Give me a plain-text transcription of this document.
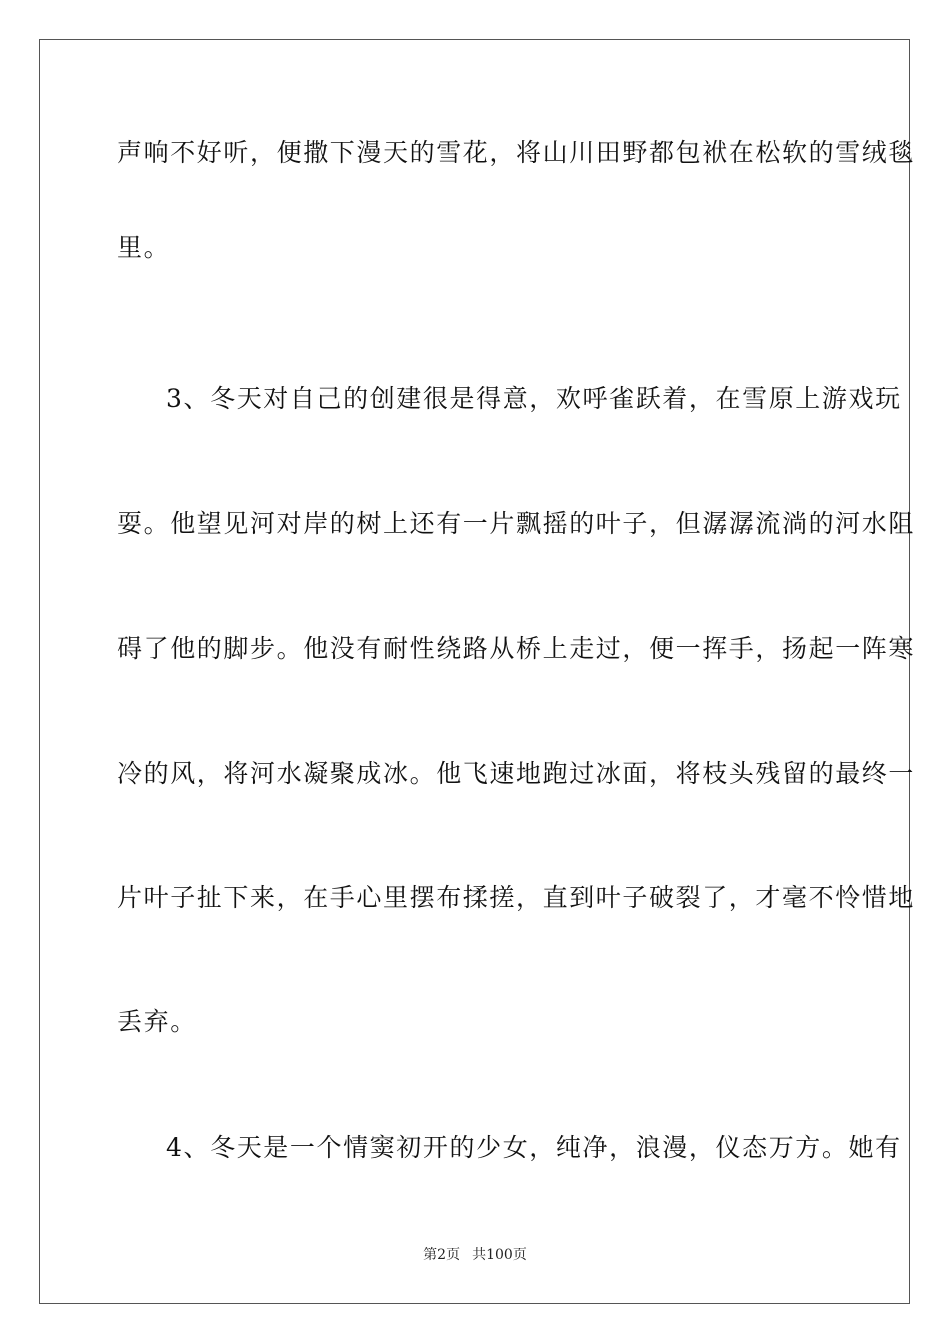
声响不好听，便撒下漫天的雪花，将山川田野都包袱在松软的雪绒毯
里。
3、冬天对自己的创建很是得意，欢呼雀跃着，在雪原上游戏玩
耍。他望见河对岸的树上还有一片飘摇的叶子，但潺潺流淌的河水阻
碍了他的脚步。他没有耐性绕路从桥上走过，便一挥手，扬起一阵寒
冷的风，将河水凝聚成冰。他飞速地跑过冰面，将枝头残留的最终一
片叶子扯下来，在手心里摆布揉搓，直到叶子破裂了，才毫不怜惜地
丢弃。
4、冬天是一个情窦初开的少女，纯净，浪漫，仪态万方。她有
第2页 共100页
